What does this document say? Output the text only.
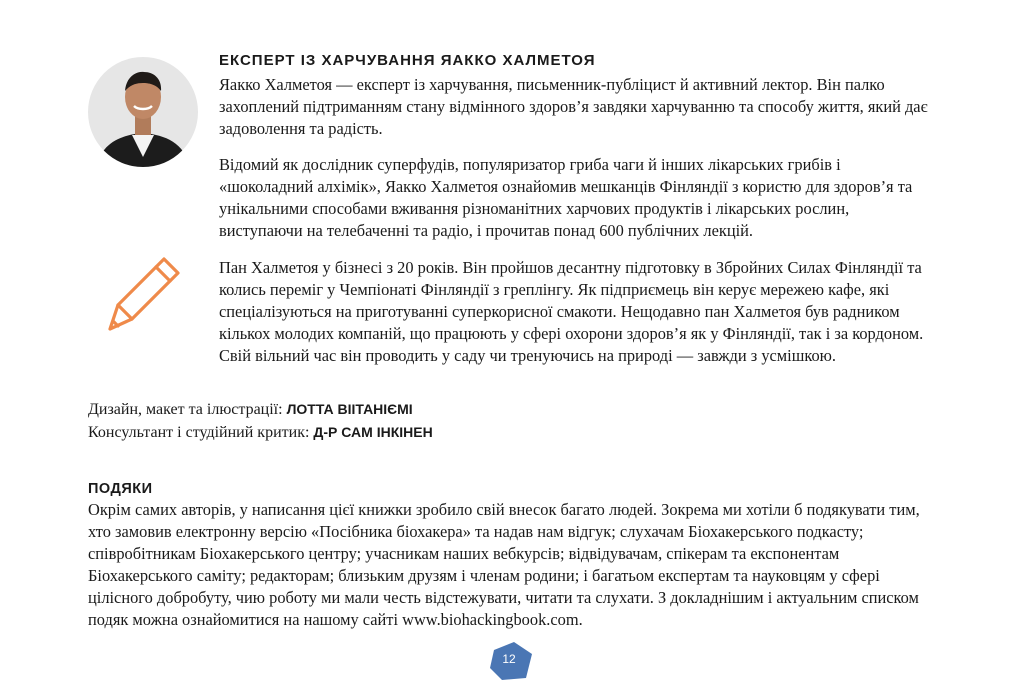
ЕКСПЕРТ ІЗ ХАРЧУВАННЯ ЯАККО ХАЛМЕТОЯ

Яакко Халметоя — експерт із харчування, письменник-публіцист й активний лектор. Він палко захоплений підтриманням стану відмінного здоров’я завдяки харчуванню та способу життя, який дає задоволення та радість.

Відомий як дослідник суперфудів, популяризатор гриба чаги й інших лікарських грибів і «шоколадний алхімік», Яакко Халметоя ознайомив мешканців Фінляндії з користю для здоров’я та унікальними способами вживання різноманітних харчових продуктів і лікарських рослин, виступаючи на телебаченні та радіо, і прочитав понад 600 публічних лекцій.

Пан Халметоя у бізнесі з 20 років. Він пройшов десантну підготовку в Збройних Силах Фінляндії та колись переміг у Чемпіонаті Фінляндії з греплінгу. Як підприємець він керує мережею кафе, які спеціалізуються на приготуванні суперкорисної смакоти. Нещодавно пан Халметоя був радником кількох молодих компаній, що працюють у сфері охорони здоров’я як у Фінляндії, так і за кордоном. Свій вільний час він проводить у саду чи тренуючись на природі — завжди з усмішкою.

Дизайн, макет та ілюстрації: ЛОТТА ВІІТАНІЄМІ
Консультант і студійний критик: Д-Р САМ ІНКІНЕН
ПОДЯКИ

Окрім самих авторів, у написання цієї книжки зробило свій внесок багато людей. Зокрема ми хотіли б подякувати тим, хто замовив електронну версію «Посібника біохакера» та надав нам відгук; слухачам Біохакерського подкасту; співробітникам Біохакерського центру; учасникам наших вебкурсів; відвідувачам, спікерам та експонентам Біохакерського саміту; редакторам; близьким друзям і членам родини; і багатьом експертам та науковцям у сфері цілісного добробуту, чию роботу ми мали честь відстежувати, читати та слухати. З докладнішим і актуальним списком подяк можна ознайомитися на нашому сайті www.biohackingbook.com.

12
